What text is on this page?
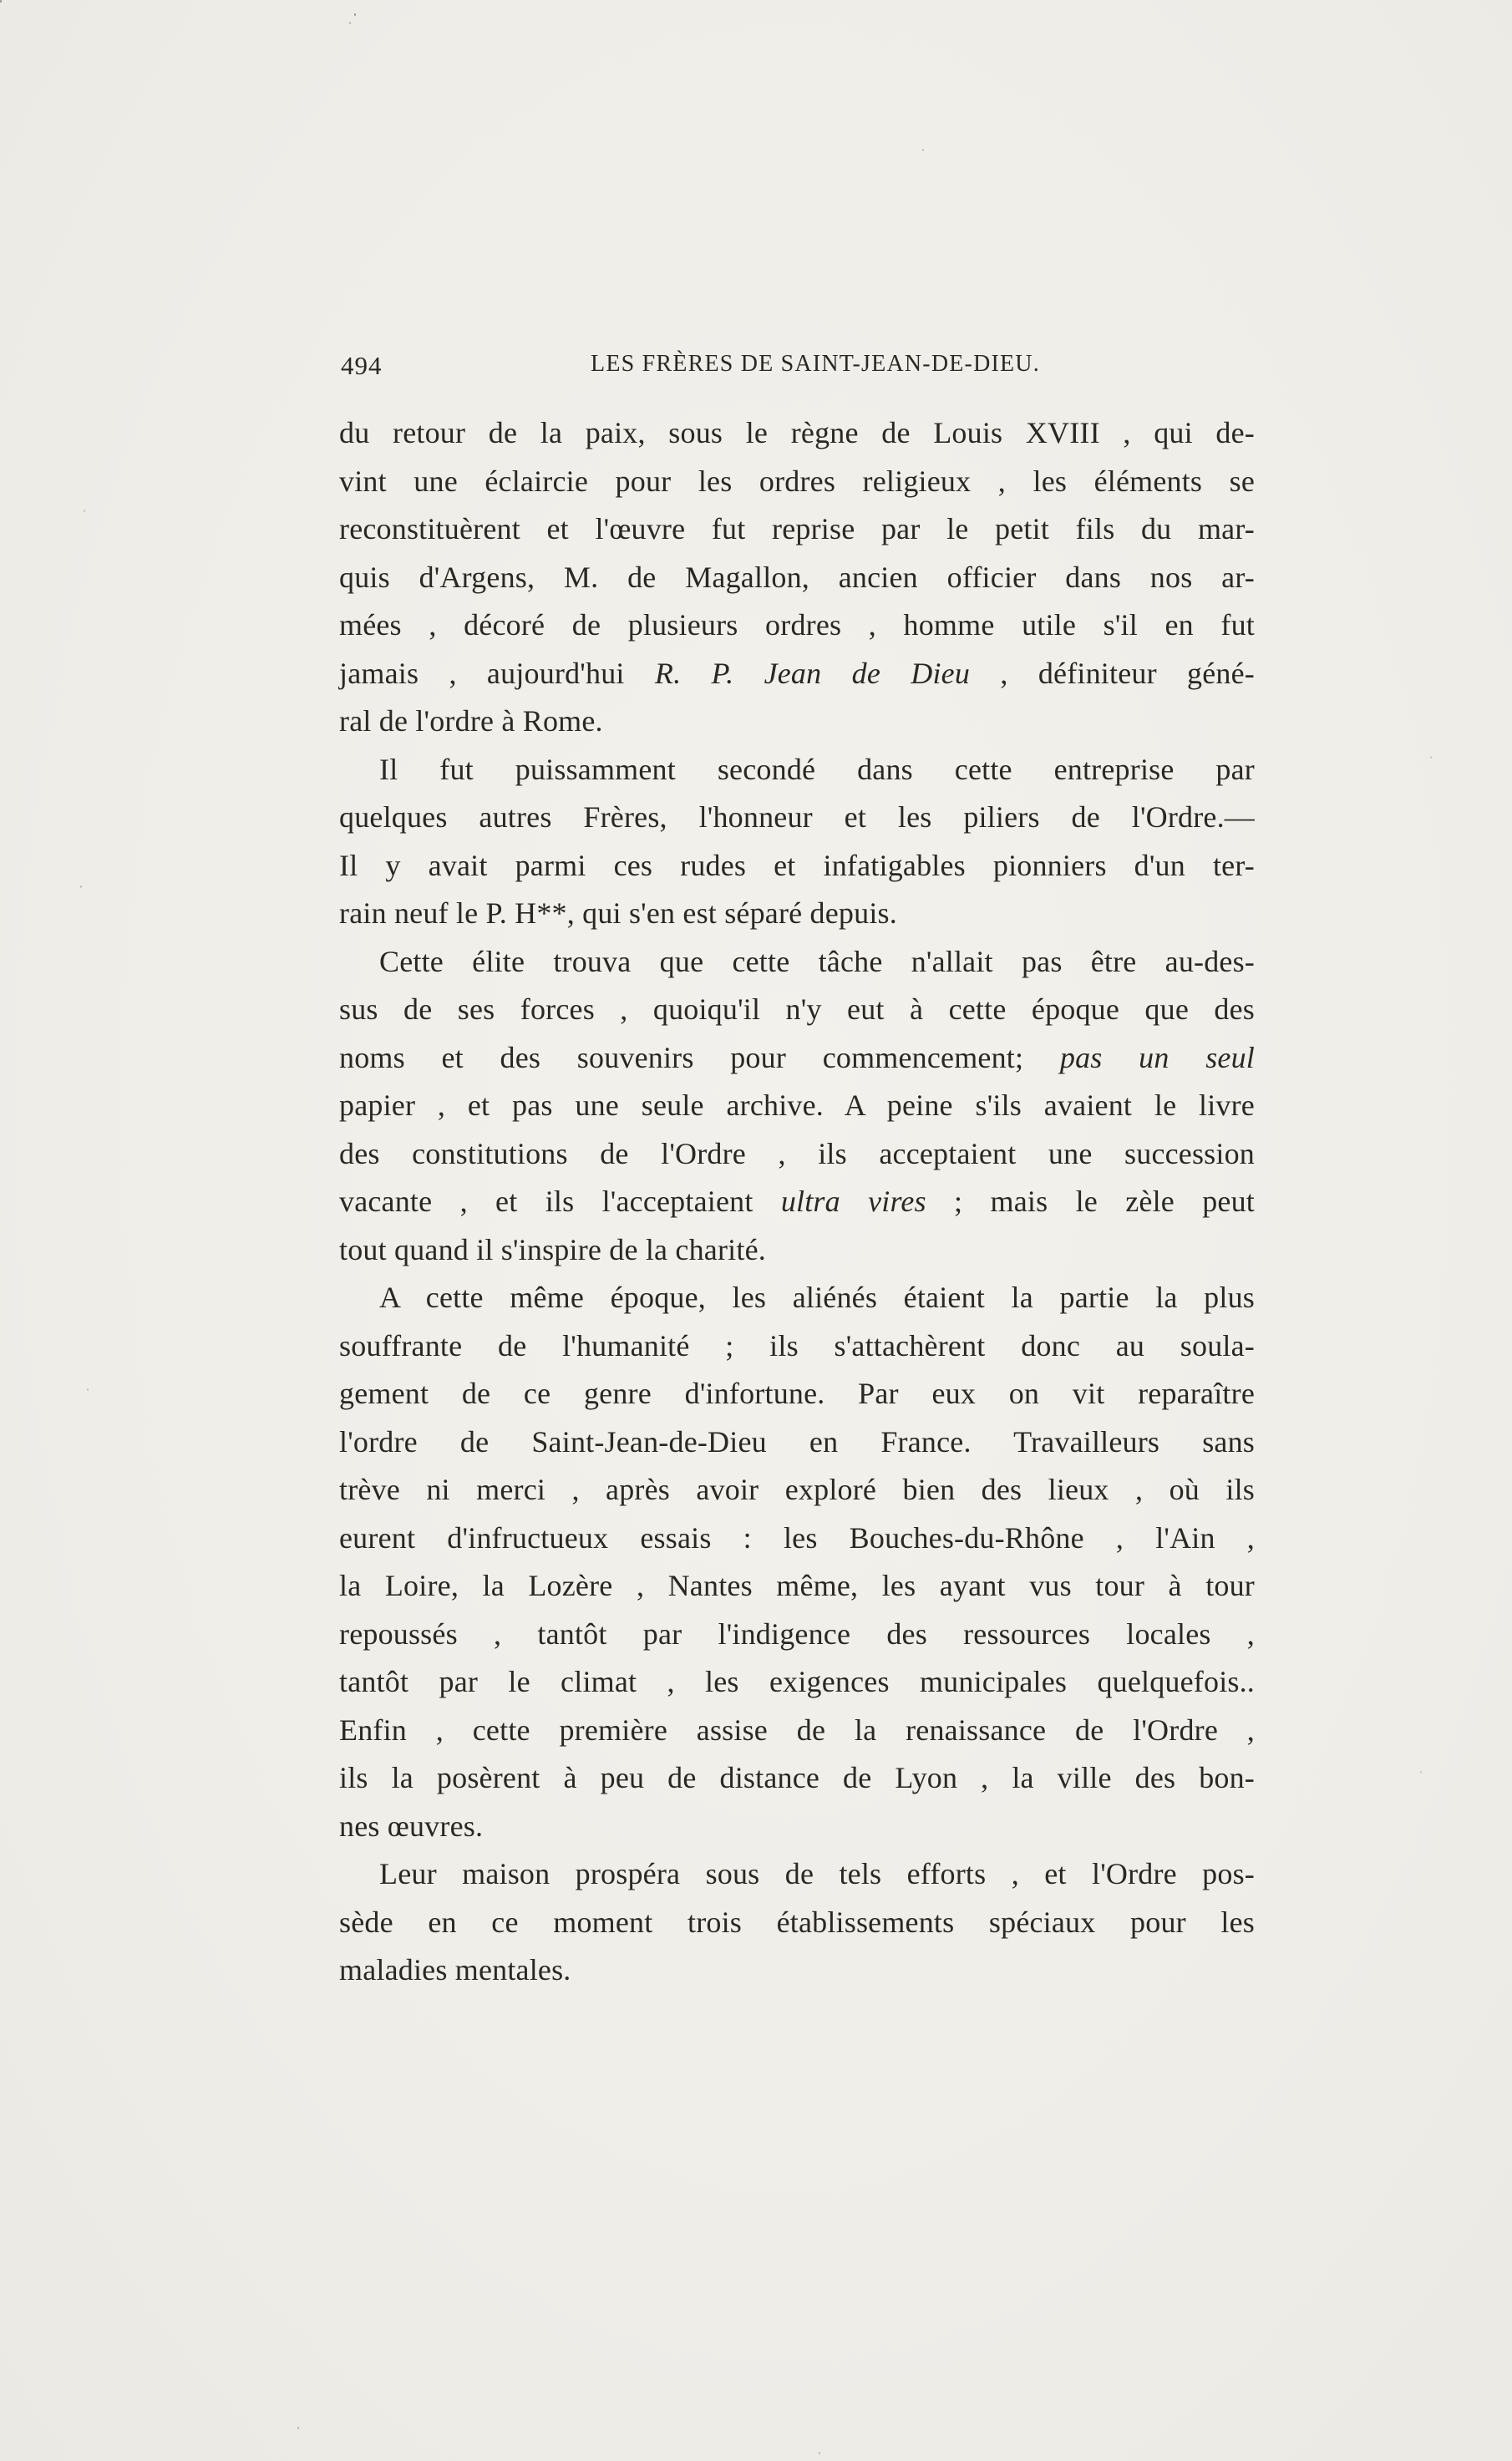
494	LES FRÈRES DE SAINT-JEAN-DE-DIEU.
du retour de la paix, sous le règne de Louis XVIII , qui de-
vint une éclaircie pour les ordres religieux , les éléments se
reconstituèrent et l'œuvre fut reprise par le petit fils du mar-
quis d'Argens, M. de Magallon, ancien officier dans nos ar-
mées , décoré de plusieurs ordres , homme utile s'il en fut
jamais , aujourd'hui R. P. Jean de Dieu , définiteur géné-
ral de l'ordre à Rome.
Il fut puissamment secondé dans cette entreprise par
quelques autres Frères, l'honneur et les piliers de l'Ordre.—
Il y avait parmi ces rudes et infatigables pionniers d'un ter-
rain neuf le P. H**, qui s'en est séparé depuis.
Cette élite trouva que cette tâche n'allait pas être au-des-
sus de ses forces , quoiqu'il n'y eut à cette époque que des
noms et des souvenirs pour commencement; pas un seul
papier , et pas une seule archive. A peine s'ils avaient le livre
des constitutions de l'Ordre , ils acceptaient une succession
vacante , et ils l'acceptaient ultra vires ; mais le zèle peut
tout quand il s'inspire de la charité.
A cette même époque, les aliénés étaient la partie la plus
souffrante de l'humanité ; ils s'attachèrent donc au soula-
gement de ce genre d'infortune. Par eux on vit reparaître
l'ordre de Saint-Jean-de-Dieu en France. Travailleurs sans
trève ni merci , après avoir exploré bien des lieux , où ils
eurent d'infructueux essais : les Bouches-du-Rhône , l'Ain ,
la Loire, la Lozère , Nantes même, les ayant vus tour à tour
repoussés , tantôt par l'indigence des ressources locales ,
tantôt par le climat , les exigences municipales quelquefois..
Enfin , cette première assise de la renaissance de l'Ordre ,
ils la posèrent à peu de distance de Lyon , la ville des bon-
nes œuvres.
Leur maison prospéra sous de tels efforts , et l'Ordre pos-
sède en ce moment trois établissements spéciaux pour les
maladies mentales.
